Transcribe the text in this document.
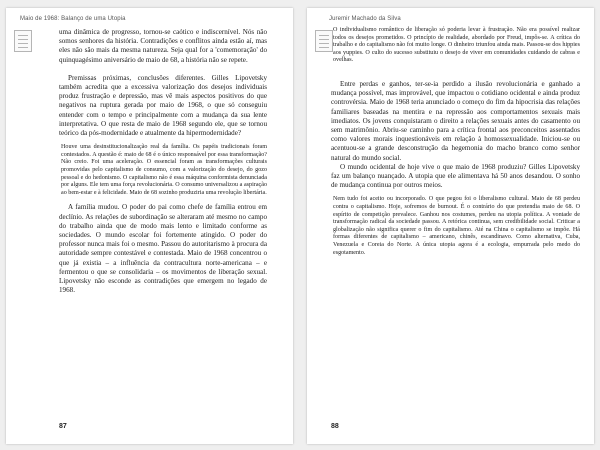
Maio de 1968: Balanço de uma Utopia

uma dinâmica de progresso, tornou-se caótico e indiscernível. Nós não somos senhores da história. Contradições e conflitos ainda estão aí, mas eles não são mais da mesma natureza. Seja qual for a 'comemoração' do quinquagésimo aniversário de maio de 68, a história não se repete.

Premissas próximas, conclusões diferentes. Gilles Lipovetsky também acredita que a excessiva valorização dos desejos individuais produz frustração e depressão, mas vê mais aspectos positivos do que negativos na ruptura gerada por maio de 1968, o que só conseguiu entender com o tempo e principalmente com a mudança da sua lente interpretativa. O que resta de maio de 1968 segundo ele, que se tornou teórico da pós-modernidade e atualmente da hipermodernidade?

Houve uma desinstitucionalização real da família. Os papéis tradicionais foram contestados. A questão é: maio de 68 é o único responsável por essa transformação? Não creio. Foi uma aceleração. O essencial foram as transformações culturais promovidas pelo capitalismo de consumo, com a valorização do desejo, do gozo pessoal e do hedonismo. O capitalismo não é essa máquina conformista denunciada por alguns. Ele tem uma força revolucionária. O consumo universalizou a aspiração ao bem-estar e à felicidade. Maio de 68 sozinho produziria uma revolução libertária.

A família mudou. O poder do pai como chefe de família entrou em declínio. As relações de subordinação se alteraram até mesmo no campo do trabalho ainda que de modo mais lento e limitado conforme as sociedades. O mundo escolar foi fortemente atingido. O poder do professor nunca mais foi o mesmo. Passou do autoritarismo à procura da autoridade sempre contestável e contestada. Maio de 1968 concentrou o que já existia – a influência da contracultura norte-americana – e fermentou o que se consolidaria – os movimentos de liberação sexual. Lipovetsky não esconde as contradições que emergem no legado de 1968.

87
Juremir Machado da Silva

O individualismo romântico de liberação só poderia levar à frustração. Não era possível realizar todos os desejos prometidos. O princípio de realidade, abordado por Freud, impôs-se. A crítica do trabalho e do capitalismo não foi muito longe. O dinheiro triunfou ainda mais. Passou-se dos hippies aos yuppies. O culto do sucesso substituiu o desejo de viver em comunidades cuidando de cabras e ovelhas.

Entre perdas e ganhos, ter-se-ia perdido a ilusão revolucionária e ganhado a mudança possível, mas improvável, que impactou o cotidiano ocidental e ainda produz controvérsia. Maio de 1968 teria anunciado o começo do fim da hipocrisia das relações familiares baseadas na mentira e na repressão aos comportamentos sexuais mais imediatos. Os jovens conquistaram o direito a relações sexuais antes do casamento ou sem matrimônio. Abriu-se caminho para a crítica frontal aos preconceitos assentados como valores morais inquestionáveis em relação à homossexualidade. Iniciou-se ou acentuou-se a grande desconstrução da hegemonia do macho branco como senhor natural do mundo social.

O mundo ocidental de hoje vive o que maio de 1968 produziu? Gilles Lipovetsky faz um balanço nuançado. A utopia que ele alimentava há 50 anos desandou. O sonho de mudança continua por outros meios.

Nem tudo foi aceito ou incorporado. O que pegou foi o liberalismo cultural. Maio de 68 perdeu contra o capitalismo. Hoje, sofremos de burnout. É o contrário do que pretendia maio de 68. O espírito de competição prevalece. Ganhou nos costumes, perdeu na utopia política. A vontade de transformação radical da sociedade passou. A retórica continua, sem credibilidade social. Criticar a globalização não significa querer o fim do capitalismo. Até na China o capitalismo se impõe. Há formas diferentes de capitalismo – americano, chinês, escandinavo. Como alternativa, Cuba, Venezuela e Coreia do Norte. A única utopia agora é a ecologia, empurrada pelo medo do esgotamento.

88
